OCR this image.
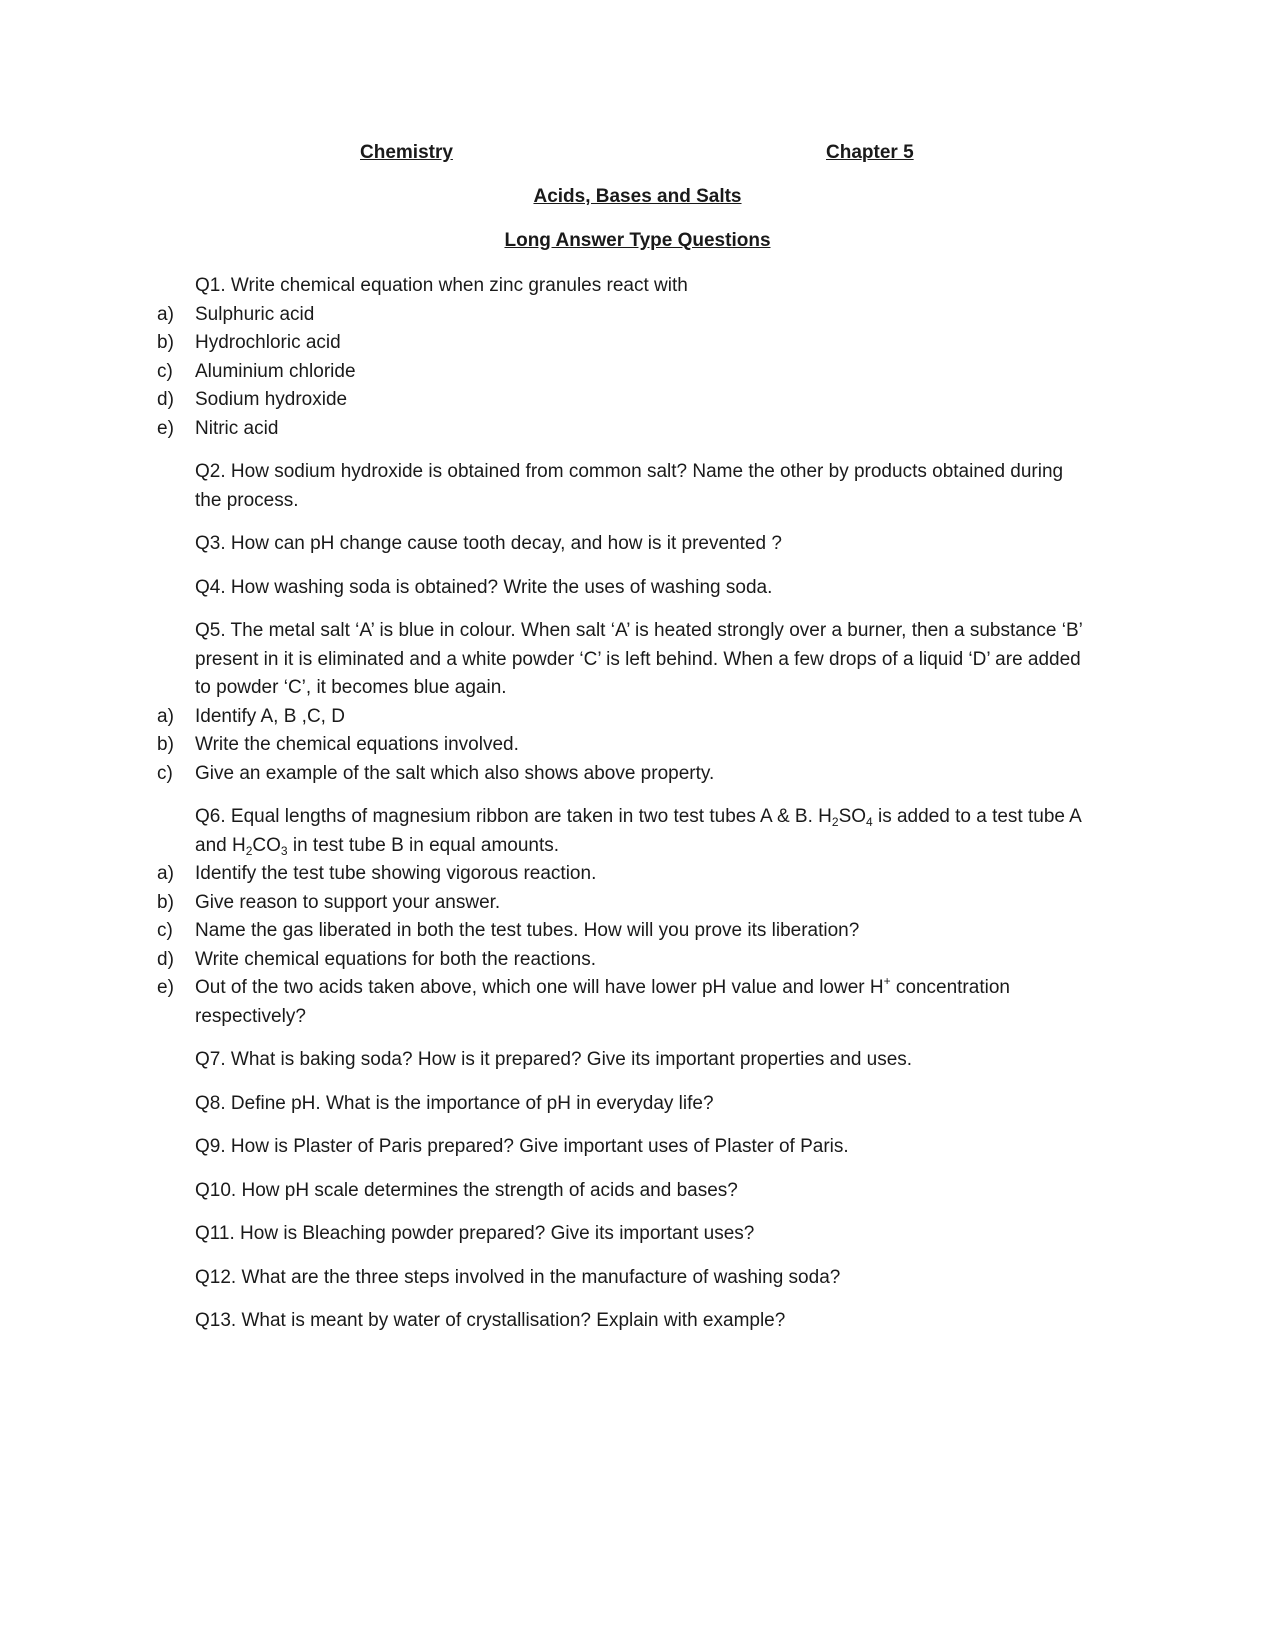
Chemistry	Chapter 5
Acids, Bases and Salts
Long Answer Type Questions
Q1. Write chemical equation when zinc granules react with
a) Sulphuric acid
b) Hydrochloric acid
c) Aluminium chloride
d) Sodium hydroxide
e) Nitric acid
Q2. How sodium hydroxide is obtained from common salt? Name the other by products obtained during the process.
Q3. How can pH change cause tooth decay, and how is it prevented ?
Q4. How washing soda is obtained? Write the uses of washing soda.
Q5. The metal salt ‘A’ is blue in colour. When salt ‘A’ is heated strongly over a burner, then a substance ‘B’ present in it is eliminated and a white powder ‘C’ is left behind. When a few drops of a liquid ‘D’ are added to powder ‘C’, it becomes blue again.
a) Identify A, B ,C, D
b) Write the chemical equations involved.
c) Give an example of the salt which also shows above property.
Q6. Equal lengths of magnesium ribbon are taken in two test tubes A & B. $H_2SO_4$ is added to a test tube A and $H_2CO_3$ in test tube B in equal amounts.
a) Identify the test tube showing vigorous reaction.
b) Give reason to support your answer.
c) Name the gas liberated in both the test tubes. How will you prove its liberation?
d) Write chemical equations for both the reactions.
e) Out of the two acids taken above, which one will have lower pH value and lower H+ concentration respectively?
Q7. What is baking soda? How is it prepared? Give its important properties and uses.
Q8. Define pH. What is the importance of pH in everyday life?
Q9. How is Plaster of Paris prepared? Give important uses of Plaster of Paris.
Q10. How pH scale determines the strength of acids and bases?
Q11. How is Bleaching powder prepared? Give its important uses?
Q12. What are the three steps involved in the manufacture of washing soda?
Q13. What is meant by water of crystallisation? Explain with example?
